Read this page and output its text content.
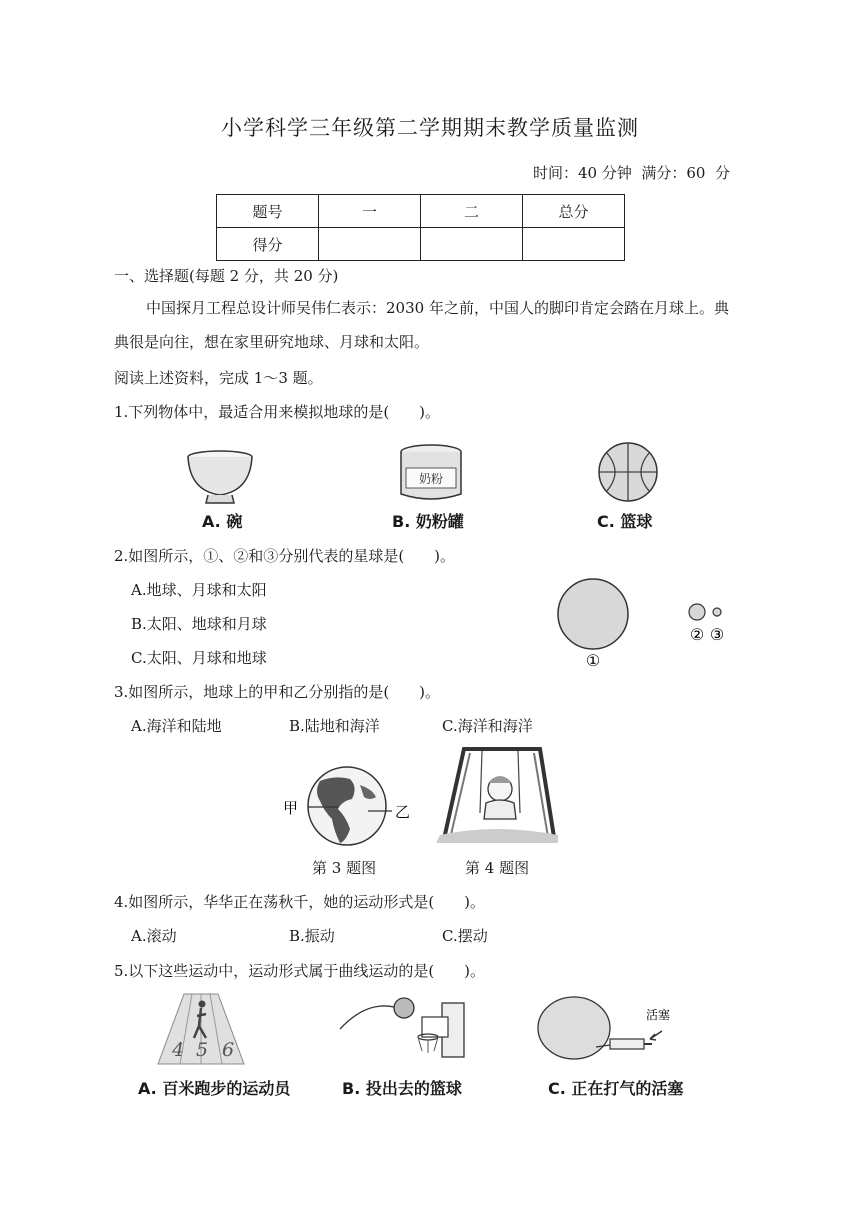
小学科学三年级第二学期期末教学质量监测
时间：40 分钟  满分：60  分
题号	一	二	总分
得分			
一、选择题(每题 2 分，共 20 分)
中国探月工程总设计师吴伟仁表示：2030 年之前，中国人的脚印肯定会踏在月球上。典典很是向往，想在家里研究地球、月球和太阳。
阅读上述资料，完成 1～3 题。
1.下列物体中，最适合用来模拟地球的是(　　)。
A. 碗
奶粉
B. 奶粉罐	C. 篮球
2.如图所示，①、②和③分别代表的星球是(　　)。
A.地球、月球和太阳
B.太阳、地球和月球
C.太阳、月球和地球	①
② ③
3.如图所示，地球上的甲和乙分别指的是(　　)。
A.海洋和陆地	B.陆地和海洋	C.海洋和海洋
甲	乙
第 3 题图	第 4 题图
4.如图所示，华华正在荡秋千，她的运动形式是(　　)。
A.滚动	B.振动	C.摆动
5.以下这些运动中，运动形式属于曲线运动的是(　　)。
4 5 6
A. 百米跑步的运动员	B. 投出去的篮球
活塞
C. 正在打气的活塞
